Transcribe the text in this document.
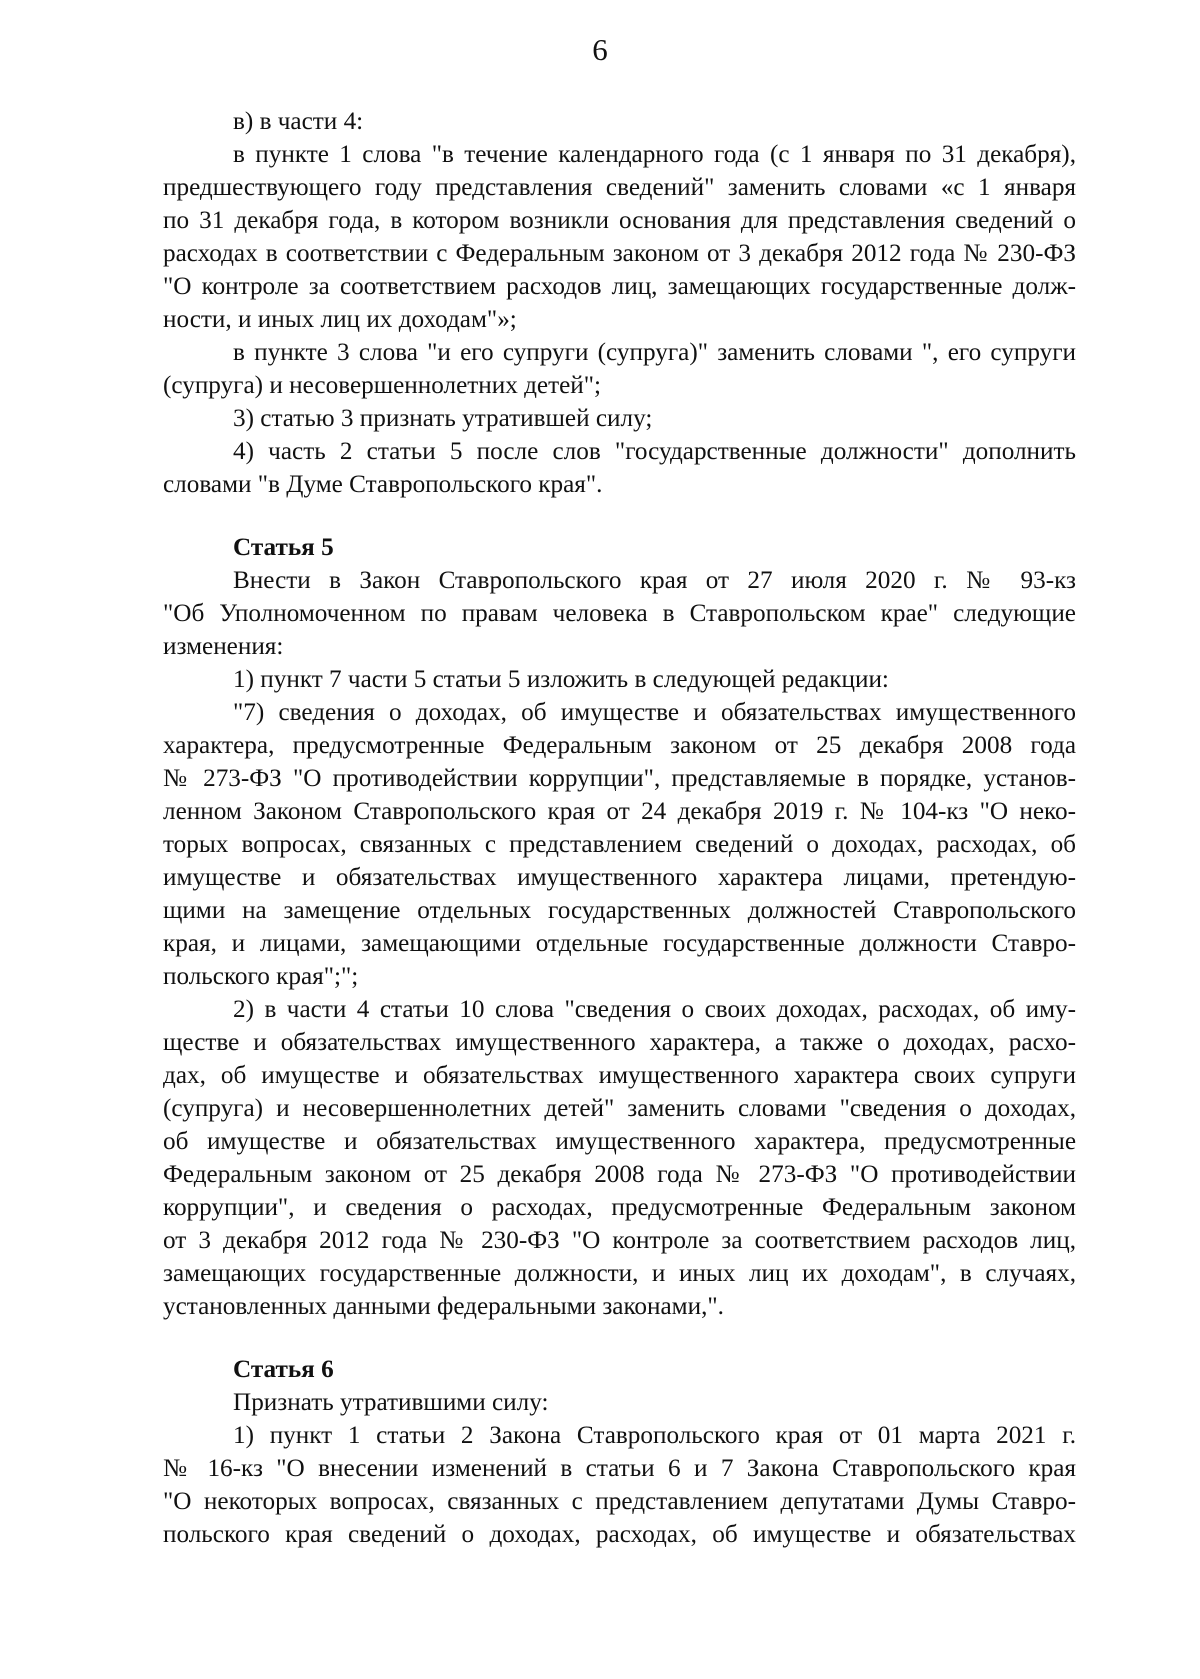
6
в) в части 4:
в пункте 1 слова "в течение календарного года (с 1 января по 31 декабря),
предшествующего году представления сведений" заменить словами «с 1 января
по 31 декабря года, в котором возникли основания для представления сведений о
расходах в соответствии с Федеральным законом от 3 декабря 2012 года № 230-ФЗ
"О контроле за соответствием расходов лиц, замещающих государственные долж-
ности, и иных лиц их доходам"»;
в пункте 3 слова "и его супруги (супруга)" заменить словами ", его супруги
(супруга) и несовершеннолетних детей";
3) статью 3 признать утратившей силу;
4) часть 2 статьи 5 после слов "государственные должности" дополнить
словами "в Думе Ставропольского края".
Статья 5
Внести в Закон Ставропольского края от 27 июля 2020 г. № 93-кз
"Об Уполномоченном по правам человека в Ставропольском крае" следующие
изменения:
1) пункт 7 части 5 статьи 5 изложить в следующей редакции:
"7) сведения о доходах, об имуществе и обязательствах имущественного
характера, предусмотренные Федеральным законом от 25 декабря 2008 года
№ 273-ФЗ "О противодействии коррупции", представляемые в порядке, установ-
ленном Законом Ставропольского края от 24 декабря 2019 г. № 104-кз "О неко-
торых вопросах, связанных с представлением сведений о доходах, расходах, об
имуществе и обязательствах имущественного характера лицами, претендую-
щими на замещение отдельных государственных должностей Ставропольского
края, и лицами, замещающими отдельные государственные должности Ставро-
польского края";";
2) в части 4 статьи 10 слова "сведения о своих доходах, расходах, об иму-
ществе и обязательствах имущественного характера, а также о доходах, расхо-
дах, об имуществе и обязательствах имущественного характера своих супруги
(супруга) и несовершеннолетних детей" заменить словами "сведения о доходах,
об имуществе и обязательствах имущественного характера, предусмотренные
Федеральным законом от 25 декабря 2008 года № 273-ФЗ "О противодействии
коррупции", и сведения о расходах, предусмотренные Федеральным законом
от 3 декабря 2012 года № 230-ФЗ "О контроле за соответствием расходов лиц,
замещающих государственные должности, и иных лиц их доходам", в случаях,
установленных данными федеральными законами,".
Статья 6
Признать утратившими силу:
1) пункт 1 статьи 2 Закона Ставропольского края от 01 марта 2021 г.
№ 16-кз "О внесении изменений в статьи 6 и 7 Закона Ставропольского края
"О некоторых вопросах, связанных с представлением депутатами Думы Ставро-
польского края сведений о доходах, расходах, об имуществе и обязательствах
